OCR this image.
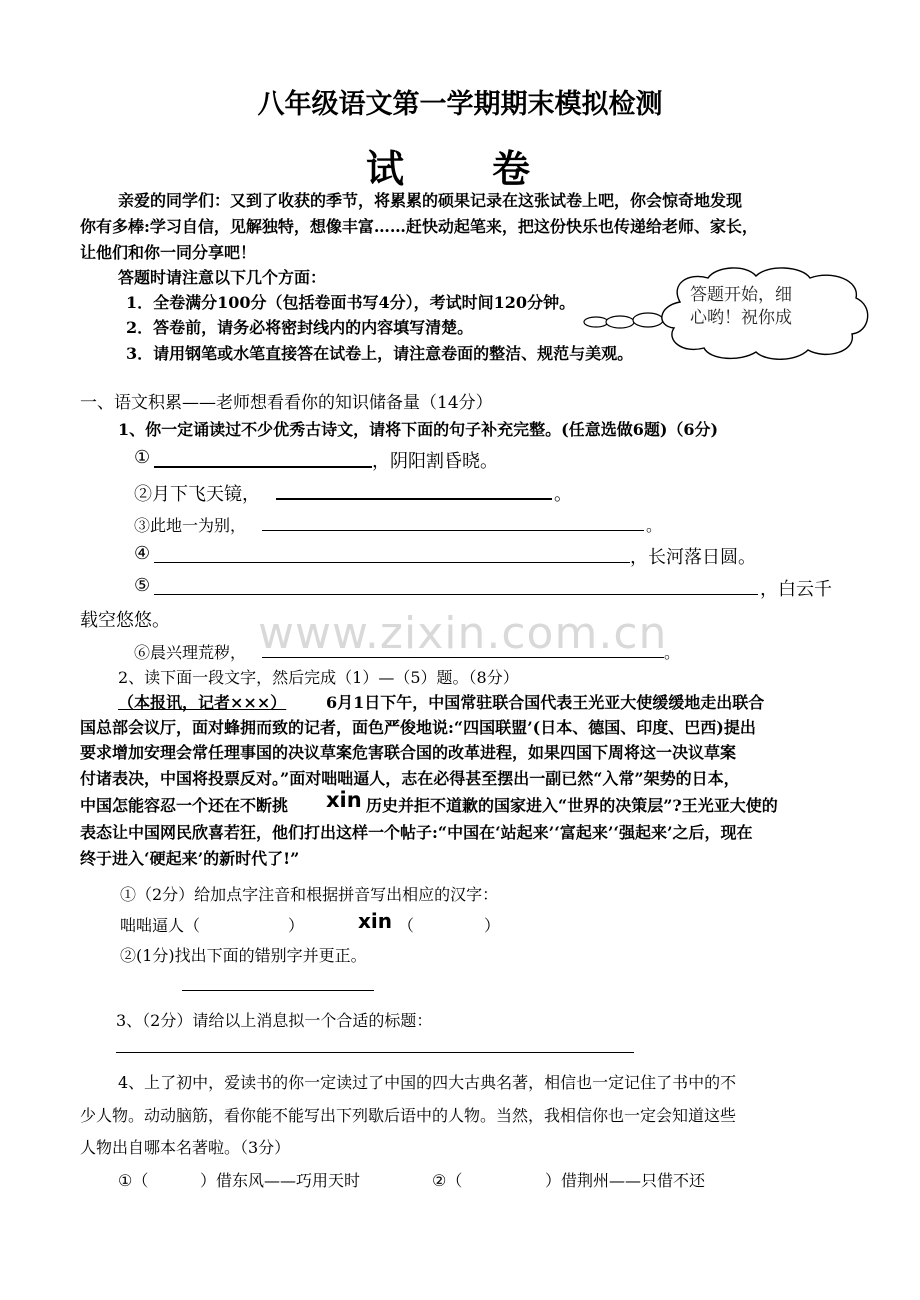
八年级语文第一学期期末模拟检测
试卷
亲爱的同学们：又到了收获的季节，将累累的硕果记录在这张试卷上吧，你会惊奇地发现
你有多棒:学习自信，见解独特，想像丰富……赶快动起笔来，把这份快乐也传递给老师、家长，
让他们和你一同分享吧！
答题时请注意以下几个方面：
1．全卷满分100分（包括卷面书写4分），考试时间120分钟。
2．答卷前，请务必将密封线内的内容填写清楚。
3．请用钢笔或水笔直接答在试卷上，请注意卷面的整洁、规范与美观。
答题开始，细
心哟！祝你成
一、语文积累——老师想看看你的知识储备量（14分）
1、你一定诵读过不少优秀古诗文，请将下面的句子补充完整。(任意选做6题)（6分)
①	，阴阳割昏晓。
②月下飞天镜，	。
③此地一为别，	。
④	，长河落日圆。
⑤	，白云千
载空悠悠。 www.zixin.com.cn
⑥晨兴理荒秽，	。
2、读下面一段文字，然后完成（1）—（5）题。（8分）
（本报讯，记者×××） 6月1日下午，中国常驻联合国代表王光亚大使缓缓地走出联合
国总部会议厅，面对蜂拥而致的记者，面色严俊地说:“四国联盟’(日本、德国、印度、巴西)提出
要求增加安理会常任理事国的决议草案危害联合国的改革进程，如果四国下周将这一决议草案
付诸表决，中国将投票反对。”面对咄咄逼人，志在必得甚至摆出一副已然“入常”架势的日本，
中国怎能容忍一个还在不断挑 xin 历史并拒不道歉的国家进入“世界的决策层”?王光亚大使的
表态让中国网民欣喜若狂，他们打出这样一个帖子:“中国在‘站起来’‘富起来’‘强起来’之后，现在
终于进入‘硬起来’的新时代了!”
①（2分）给加点字注音和根据拼音写出相应的汉字：
咄咄逼人（	）	xin （	）
②(1分)找出下面的错别字并更正。
3、（2分）请给以上消息拟一个合适的标题：
4、上了初中，爱读书的你一定读过了中国的四大古典名著，相信也一定记住了书中的不
少人物。动动脑筋，看你能不能写出下列歇后语中的人物。当然，我相信你也一定会知道这些
人物出自哪本名著啦。（3分）
①（	）借东风——巧用天时	②（	）借荆州——只借不还
